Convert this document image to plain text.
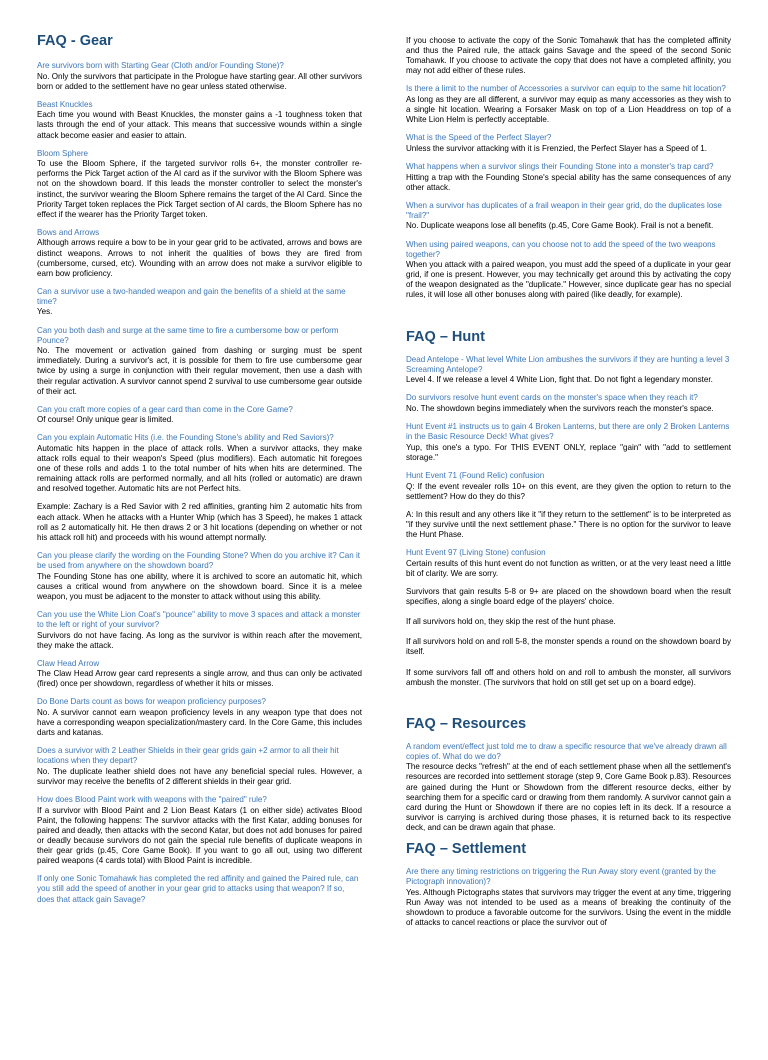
FAQ - Gear

Are survivors born with Starting Gear (Cloth and/or Founding Stone)?

No. Only the survivors that participate in the Prologue have starting gear. All other survivors born or added to the settlement have no gear unless stated otherwise.

Beast Knuckles

Each time you wound with Beast Knuckles, the monster gains a -1 toughness token that lasts through the end of your attack. This means that successive wounds within a single attack become easier and easier to attain.

Bloom Sphere

To use the Bloom Sphere, if the targeted survivor rolls 6+, the monster controller re-performs the Pick Target action of the AI card as if the survivor with the Bloom Sphere was not on the showdown board. If this leads the monster controller to select the monster's instinct, the survivor wearing the Bloom Sphere remains the target of the AI Card. Since the Priority Target token replaces the Pick Target section of AI cards, the Bloom Sphere has no effect if the wearer has the Priority Target token.

Bows and Arrows

Although arrows require a bow to be in your gear grid to be activated, arrows and bows are distinct weapons. Arrows to not inherit the qualities of bows they are fired from (cumbersome, cursed, etc). Wounding with an arrow does not make a survivor eligible to earn bow proficiency.

Can a survivor use a two-handed weapon and gain the benefits of a shield at the same time?

Yes.

Can you both dash and surge at the same time to fire a cumbersome bow or perform Pounce?

No. The movement or activation gained from dashing or surging must be spent immediately. During a survivor's act, it is possible for them to fire use cumbersome gear twice by using a surge in conjunction with their regular movement, then use a dash with their regular activation. A survivor cannot spend 2 survival to use cumbersome gear outside of their act.

Can you craft more copies of a gear card than come in the Core Game?

Of course! Only unique gear is limited.

Can you explain Automatic Hits (i.e. the Founding Stone's ability and Red Saviors)?

Automatic hits happen in the place of attack rolls. When a survivor attacks, they make attack rolls equal to their weapon's Speed (plus modifiers). Each automatic hit foregoes one of these rolls and adds 1 to the total number of hits when hits are determined. The remaining attack rolls are performed normally, and all hits (rolled or automatic) are drawn and resolved together. Automatic hits are not Perfect hits.

Example: Zachary is a Red Savior with 2 red affinities, granting him 2 automatic hits from each attack. When he attacks with a Hunter Whip (which has 3 Speed), he makes 1 attack roll as 2 automatically hit. He then draws 2 or 3 hit locations (depending on whether or not his attack roll hit) and proceeds with his wound attempt normally.

Can you please clarify the wording on the Founding Stone? When do you archive it? Can it be used from anywhere on the showdown board?

The Founding Stone has one ability, where it is archived to score an automatic hit, which causes a critical wound from anywhere on the showdown board. Since it is a melee weapon, you must be adjacent to the monster to attack without using this ability.

Can you use the White Lion Coat's "pounce" ability to move 3 spaces and attack a monster to the left or right of your survivor?

Survivors do not have facing. As long as the survivor is within reach after the movement, they make the attack.

Claw Head Arrow

The Claw Head Arrow gear card represents a single arrow, and thus can only be activated (fired) once per showdown, regardless of whether it hits or misses.

Do Bone Darts count as bows for weapon proficiency purposes?

No. A survivor cannot earn weapon proficiency levels in any weapon type that does not have a corresponding weapon specialization/mastery card. In the Core Game, this includes darts and katanas.

Does a survivor with 2 Leather Shields in their gear grids gain +2 armor to all their hit locations when they depart?

No. The duplicate leather shield does not have any beneficial special rules. However, a survivor may receive the benefits of 2 different shields in their gear grid.

How does Blood Paint work with weapons with the "paired" rule?

If a survivor with Blood Paint and 2 Lion Beast Katars (1 on either side) activates Blood Paint, the following happens: The survivor attacks with the first Katar, adding bonuses for paired and deadly, then attacks with the second Katar, but does not add bonuses for paired or deadly because survivors do not gain the special rule benefits of duplicate weapons in their gear grids (p.45, Core Game Book). If you want to go all out, using two different paired weapons (4 cards total) with Blood Paint is incredible.

If only one Sonic Tomahawk has completed the red affinity and gained the Paired rule, can you still add the speed of another in your gear grid to attacks using that weapon? If so, does that attack gain Savage?

If you choose to activate the copy of the Sonic Tomahawk that has the completed affinity and thus the Paired rule, the attack gains Savage and the speed of the second Sonic Tomahawk. If you choose to activate the copy that does not have a completed affinity, you may not add either of these rules.

Is there a limit to the number of Accessories a survivor can equip to the same hit location?

As long as they are all different, a survivor may equip as many accessories as they wish to a single hit location. Wearing a Forsaker Mask on top of a Lion Headdress on top of a White Lion Helm is perfectly acceptable.

What is the Speed of the Perfect Slayer?

Unless the survivor attacking with it is Frenzied, the Perfect Slayer has a Speed of 1.

What happens when a survivor slings their Founding Stone into a monster's trap card?

Hitting a trap with the Founding Stone's special ability has the same consequences of any other attack.

When a survivor has duplicates of a frail weapon in their gear grid, do the duplicates lose "frail?"

No. Duplicate weapons lose all benefits (p.45, Core Game Book). Frail is not a benefit.

When using paired weapons, can you choose not to add the speed of the two weapons together?

When you attack with a paired weapon, you must add the speed of a duplicate in your gear grid, if one is present. However, you may technically get around this by activating the copy of the weapon designated as the "duplicate." However, since duplicate gear has no special rules, it will lose all other bonuses along with paired (like deadly, for example).

FAQ – Hunt

Dead Antelope - What level White Lion ambushes the survivors if they are hunting a level 3 Screaming Antelope?

Level 4. If we release a level 4 White Lion, fight that. Do not fight a legendary monster.

Do survivors resolve hunt event cards on the monster's space when they reach it?

No. The showdown begins immediately when the survivors reach the monster's space.

Hunt Event #1 instructs us to gain 4 Broken Lanterns, but there are only 2 Broken Lanterns in the Basic Resource Deck! What gives?

Yup, this one's a typo. For THIS EVENT ONLY, replace "gain" with "add to settlement storage."

Hunt Event 71 (Found Relic) confusion

Q: If the event revealer rolls 10+ on this event, are they given the option to return to the settlement? How do they do this?

A: In this result and any others like it "if they return to the settlement" is to be interpreted as "if they survive until the next settlement phase." There is no option for the survivor to leave the Hunt Phase.

Hunt Event 97 (Living Stone) confusion

Certain results of this hunt event do not function as written, or at the very least need a little bit of clarity. We are sorry.

Survivors that gain results 5-8 or 9+ are placed on the showdown board when the result specifies, along a single board edge of the players' choice.

If all survivors hold on, they skip the rest of the hunt phase.

If all survivors hold on and roll 5-8, the monster spends a round on the showdown board by itself.

If some survivors fall off and others hold on and roll to ambush the monster, all survivors ambush the monster. (The survivors that hold on still get set up on a board edge).

FAQ – Resources

A random event/effect just told me to draw a specific resource that we've already drawn all copies of. What do we do?

The resource decks "refresh" at the end of each settlement phase when all the settlement's resources are recorded into settlement storage (step 9, Core Game Book p.83). Resources are gained during the Hunt or Showdown from the different resource decks, either by searching them for a specific card or drawing from them randomly. A survivor cannot gain a card during the Hunt or Showdown if there are no copies left in its deck. If a resource a survivor is carrying is archived during those phases, it is returned back to its respective deck, and can be drawn again that phase.

FAQ – Settlement

Are there any timing restrictions on triggering the Run Away story event (granted by the Pictograph innovation)?

Yes. Although Pictographs states that survivors may trigger the event at any time, triggering Run Away was not intended to be used as a means of breaking the continuity of the showdown to produce a favorable outcome for the survivors. Using the event in the middle of attacks to cancel reactions or place the survivor out of
